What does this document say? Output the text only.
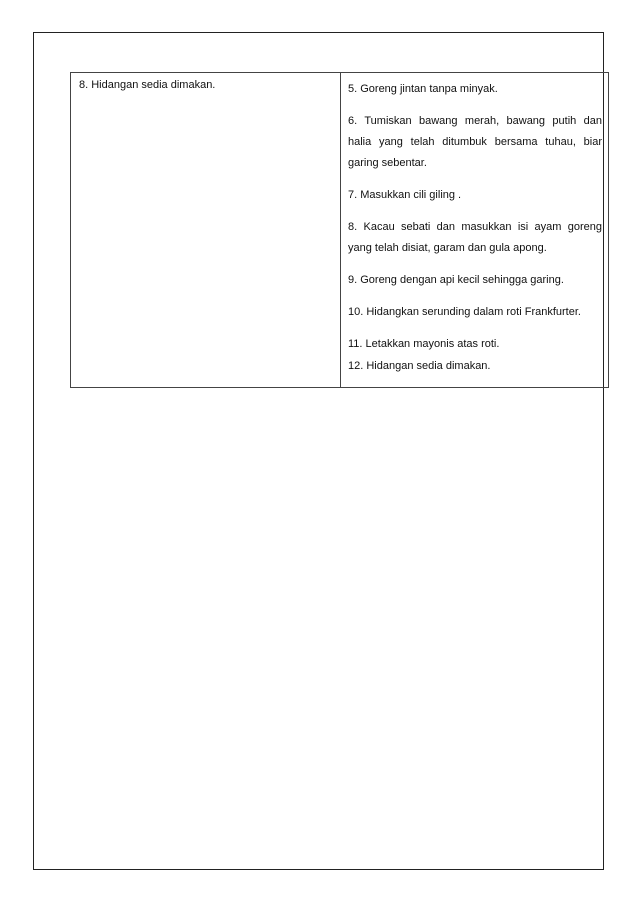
8. Hidangan sedia dimakan.	5. Goreng jintan tanpa minyak.

6. Tumiskan bawang merah, bawang putih dan halia yang telah ditumbuk bersama tuhau, biar garing sebentar.

7. Masukkan cili giling .

8. Kacau sebati dan masukkan isi ayam goreng yang telah disiat, garam dan gula apong.

9. Goreng dengan api kecil sehingga garing.

10. Hidangkan serunding dalam roti Frankfurter.

11. Letakkan mayonis atas roti.

12. Hidangan sedia dimakan.
